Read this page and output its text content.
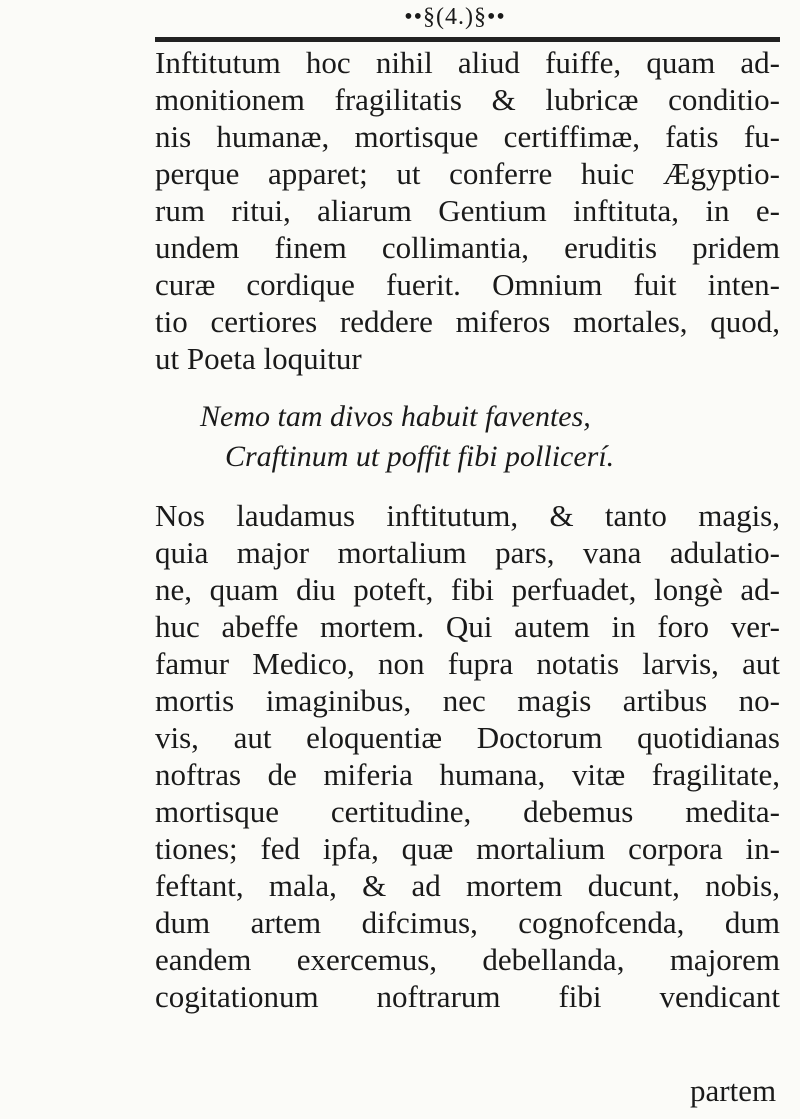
••§(4.)§••
Inftitutum hoc nihil aliud fuiffe, quam ad-
monitionem fragilitatis & lubricæ conditio-
nis humanæ, mortisque certiffimæ, fatis fu-
perque apparet; ut conferre huic Ægyptio-
rum ritui, aliarum Gentium inftituta, in e-
undem finem collimantia, eruditis pridem
curæ cordique fuerit. Omnium fuit inten-
tio certiores reddere miferos mortales, quod,
ut Poeta loquitur
Nemo tam divos habuit faventes,
Craftinum ut poffit fibi pollicerí.
Nos laudamus inftitutum, & tanto magis,
quia major mortalium pars, vana adulatio-
ne, quam diu poteft, fibi perfuadet, longè ad-
huc abeffe mortem. Qui autem in foro ver-
famur Medico, non fupra notatis larvis, aut
mortis imaginibus, nec magis artibus no-
vis, aut eloquentiæ Doctorum quotidianas
noftras de miferia humana, vitæ fragilitate,
mortisque certitudine, debemus medita-
tiones; fed ipfa, quæ mortalium corpora in-
feftant, mala, & ad mortem ducunt, nobis,
dum artem difcimus, cognofcenda, dum
eandem exercemus, debellanda, majorem
cogitationum noftrarum fibi vendicant
partem
